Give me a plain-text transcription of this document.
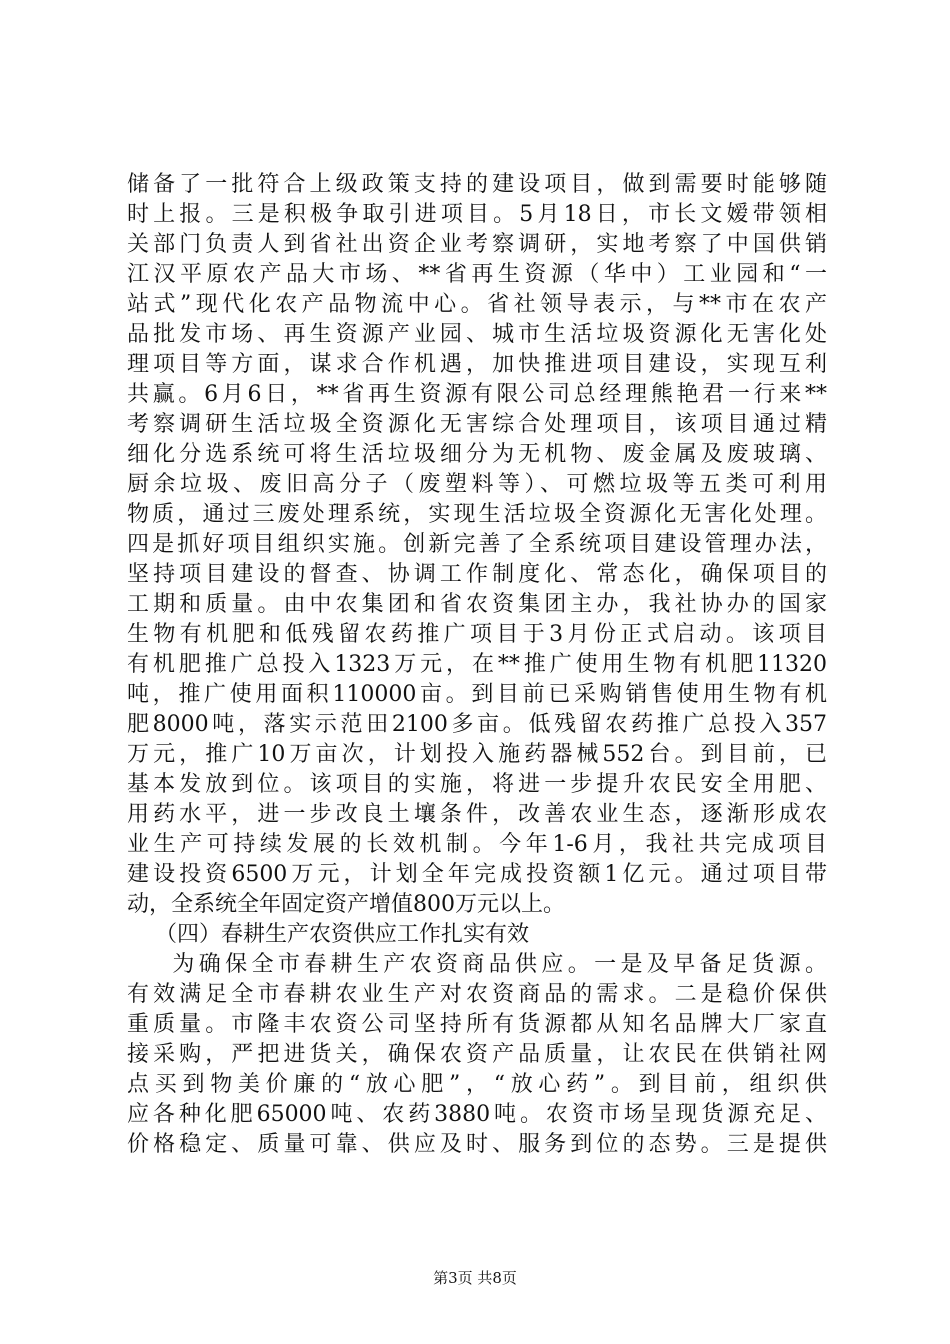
储备了一批符合上级政策支持的建设项目，做到需要时能够随
时上报。三是积极争取引进项目。5月18日，市长文嫒带领相
关部门负责人到省社出资企业考察调研，实地考察了中国供销
江汉平原农产品大市场、**省再生资源（华中）工业园和“一
站式”现代化农产品物流中心。省社领导表示，与**市在农产
品批发市场、再生资源产业园、城市生活垃圾资源化无害化处
理项目等方面，谋求合作机遇，加快推进项目建设，实现互利
共赢。6月6日，**省再生资源有限公司总经理熊艳君一行来**
考察调研生活垃圾全资源化无害综合处理项目，该项目通过精
细化分选系统可将生活垃圾细分为无机物、废金属及废玻璃、
厨余垃圾、废旧高分子（废塑料等）、可燃垃圾等五类可利用
物质，通过三废处理系统，实现生活垃圾全资源化无害化处理。
四是抓好项目组织实施。创新完善了全系统项目建设管理办法，
坚持项目建设的督查、协调工作制度化、常态化，确保项目的
工期和质量。由中农集团和省农资集团主办，我社协办的国家
生物有机肥和低残留农药推广项目于3月份正式启动。该项目
有机肥推广总投入1323万元，在**推广使用生物有机肥11320
吨，推广使用面积110000亩。到目前已采购销售使用生物有机
肥8000吨，落实示范田2100多亩。低残留农药推广总投入357
万元，推广10万亩次，计划投入施药器械552台。到目前，已
基本发放到位。该项目的实施，将进一步提升农民安全用肥、
用药水平，进一步改良土壤条件，改善农业生态，逐渐形成农
业生产可持续发展的长效机制。今年1-6月，我社共完成项目
建设投资6500万元，计划全年完成投资额1亿元。通过项目带
动，全系统全年固定资产增值800万元以上。
（四）春耕生产农资供应工作扎实有效
为确保全市春耕生产农资商品供应。一是及早备足货源。
有效满足全市春耕农业生产对农资商品的需求。二是稳价保供
重质量。市隆丰农资公司坚持所有货源都从知名品牌大厂家直
接采购，严把进货关，确保农资产品质量，让农民在供销社网
点买到物美价廉的“放心肥”，“放心药”。到目前，组织供
应各种化肥65000吨、农药3880吨。农资市场呈现货源充足、
价格稳定、质量可靠、供应及时、服务到位的态势。三是提供
第3页 共8页
